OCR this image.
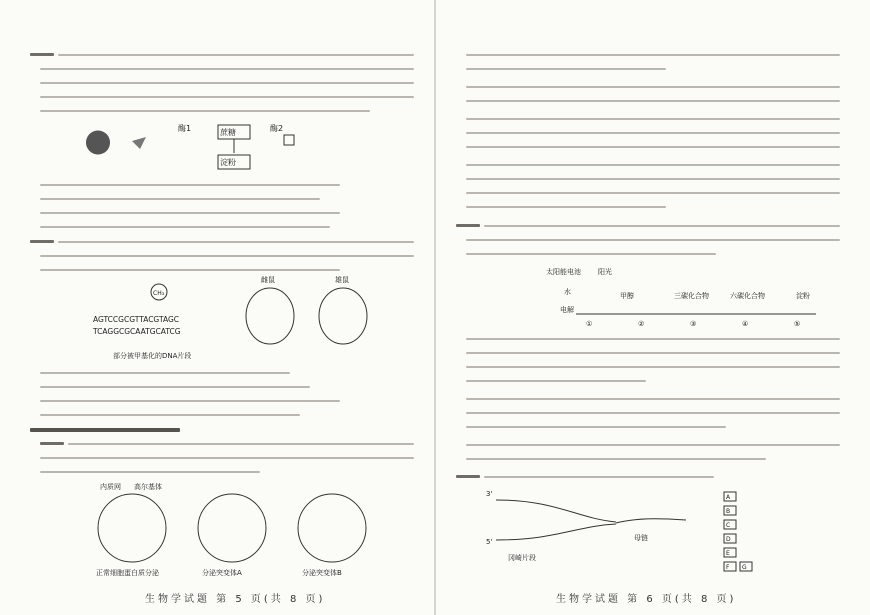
酶1	蔗糖
淀粉
酶2
CH₃
AGTCCGCGTTACGTAGC
TCAGGCGCAATGCATCG
部分被甲基化的DNA片段
雌鼠	雄鼠
内质网 高尔基体
正常细胞蛋白质分泌	分泌突变体A	分泌突变体B
生物学试题 第 5 页(共 8 页)
太阳能电池 阳光
水
电解
甲醇	三碳化合物	六碳化合物	淀粉
①	②	③	④	⑤
3'
5'	母链
冈崎片段
A
B
C
D
E
F G
生物学试题 第 6 页(共 8 页)
